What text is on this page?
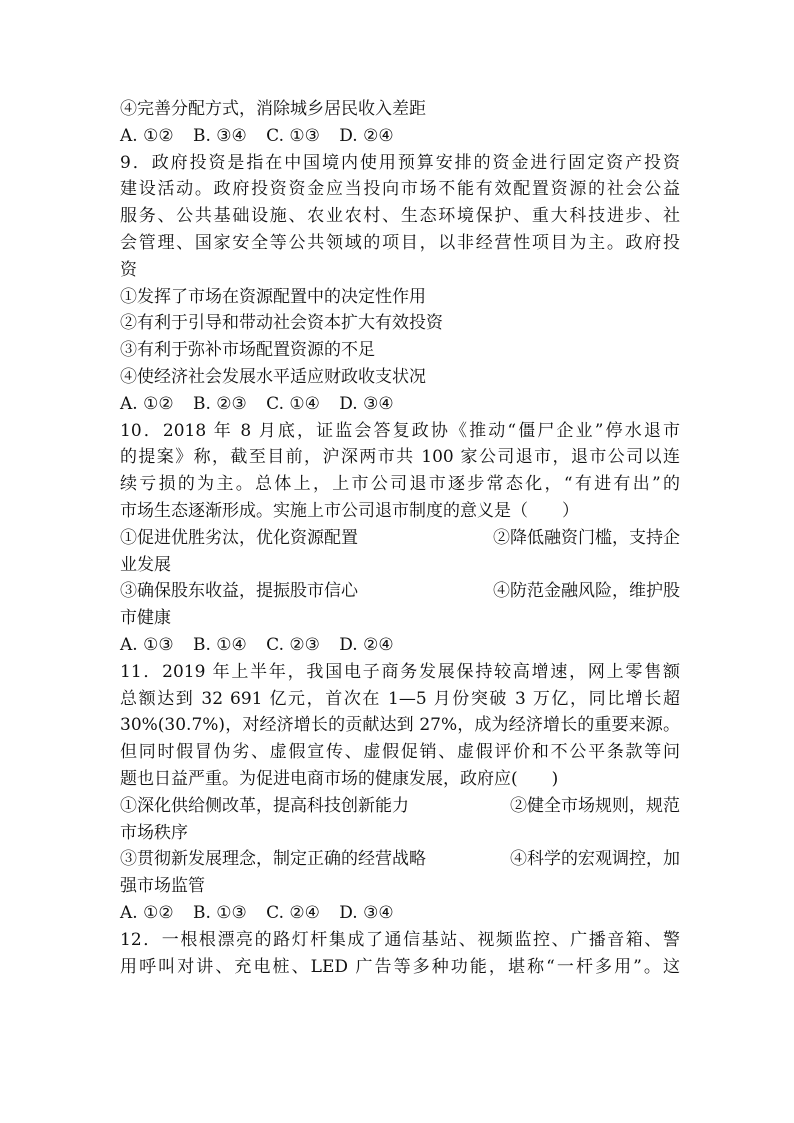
④完善分配方式，消除城乡居民收入差距
A. ①② B. ③④ C. ①③ D. ②④
9．政府投资是指在中国境内使用预算安排的资金进行固定资产投资
建设活动。政府投资资金应当投向市场不能有效配置资源的社会公益
服务、公共基础设施、农业农村、生态环境保护、重大科技进步、社
会管理、国家安全等公共领域的项目，以非经营性项目为主。政府投
资
①发挥了市场在资源配置中的决定性作用
②有利于引导和带动社会资本扩大有效投资
③有利于弥补市场配置资源的不足
④使经济社会发展水平适应财政收支状况
A. ①② B. ②③ C. ①④ D. ③④
10．2018 年 8 月底，证监会答复政协《推动“僵尸企业”停水退市
的提案》称，截至目前，沪深两市共 100 家公司退市，退市公司以连
续亏损的为主。总体上，上市公司退市逐步常态化，“有进有出”的
市场生态逐渐形成。实施上市公司退市制度的意义是（　　）
①促进优胜劣汰，优化资源配置	②降低融资门槛，支持企
业发展
③确保股东收益，提振股市信心	④防范金融风险，维护股
市健康
A. ①③ B. ①④ C. ②③ D. ②④
11．2019 年上半年，我国电子商务发展保持较高增速，网上零售额
总额达到 32 691 亿元，首次在 1—5 月份突破 3 万亿，同比增长超
30%(30.7%)，对经济增长的贡献达到 27%，成为经济增长的重要来源。
但同时假冒伪劣、虚假宣传、虚假促销、虚假评价和不公平条款等问
题也日益严重。为促进电商市场的健康发展，政府应(　　)
①深化供给侧改革，提高科技创新能力	②健全市场规则，规范
市场秩序
③贯彻新发展理念，制定正确的经营战略	④科学的宏观调控，加
强市场监管
A. ①② B. ①③ C. ②④ D. ③④
12．一根根漂亮的路灯杆集成了通信基站、视频监控、广播音箱、警
用呼叫对讲、充电桩、LED 广告等多种功能，堪称“一杆多用”。这
